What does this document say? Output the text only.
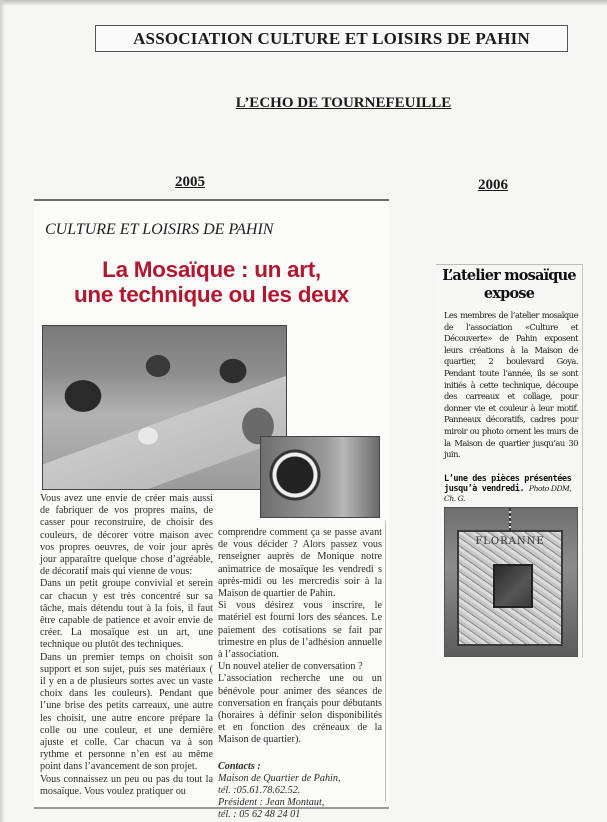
ASSOCIATION CULTURE ET LOISIRS DE PAHIN
L’ECHO DE TOURNEFEUILLE
2005	2006
CULTURE ET LOISIRS DE PAHIN
La Mosaïque : un art,
une technique ou les deux

Vous avez une envie de créer mais aussi de fabriquer de vos propres mains, de casser pour reconstruire, de choisir des couleurs, de décorer votre maison avec vos propres oeuvres, de voir jour après jour apparaître quelque chose d’agréable, de décoratif mais qui vienne de vous:

Dans un petit groupe convivial et serein car chacun y est très concentré sur sa tâche, mais détendu tout à la fois, il faut être capable de patience et avoir envie de créer. La mosaïque est un art, une technique ou plutôt des techniques.

Dans un premier temps on choisit son support et son sujet, puis ses matériaux ( il y en a de plusieurs sortes avec un vaste choix dans les couleurs). Pendant que l’une brise des petits carreaux, une autre les choisit, une autre encore prépare la colle ou une couleur, et une dernière ajuste et colle. Car chacun va à son rythme et personne n’en est au même point dans l’avancement de son projet.

Vous connaissez un peu ou pas du tout la mosaïque. Vous voulez pratiquer ou

comprendre comment ça se passe avant de vous décider ? Alors passez vous renseigner auprès de Monique notre animatrice de mosaïque les vendredi s après-midi ou les mercredis soir à la Maison de quartier de Pahin.

Si vous désirez vous inscrire, le matériel est fourni lors des séances. Le paiement des cotisations se fait par trimestre en plus de l’adhésion annuelle à l’association.

Un nouvel atelier de conversation ?

L’association recherche une ou un bénévole pour animer des séances de conversation en français pour débutants (horaires à définir selon disponibilités et en fonction des créneaux de la Maison de quartier).

Contacts :
Maison de Quartier de Pahin,
tél. :05.61.78.62.52.
Président : Jean Montaut,
tél. : 05 62 48 24 01
L’atelier mosaïque
expose
Les membres de l’atelier mosaïque de l’association «Culture et Découverte» de Pahin exposent leurs créations à la Maison de quartier, 2 boulevard Goya. Pendant toute l’année, ils se sont initiés à cette technique, découpe des carreaux et collage, pour donner vie et couleur à leur motif. Panneaux décoratifs, cadres pour miroir ou photo ornent les murs de la Maison de quartier jusqu’au 30 juin.
L’une des pièces présentées jusqu’à vendredi. Photo DDM, Ch. G.
FLORANNE
